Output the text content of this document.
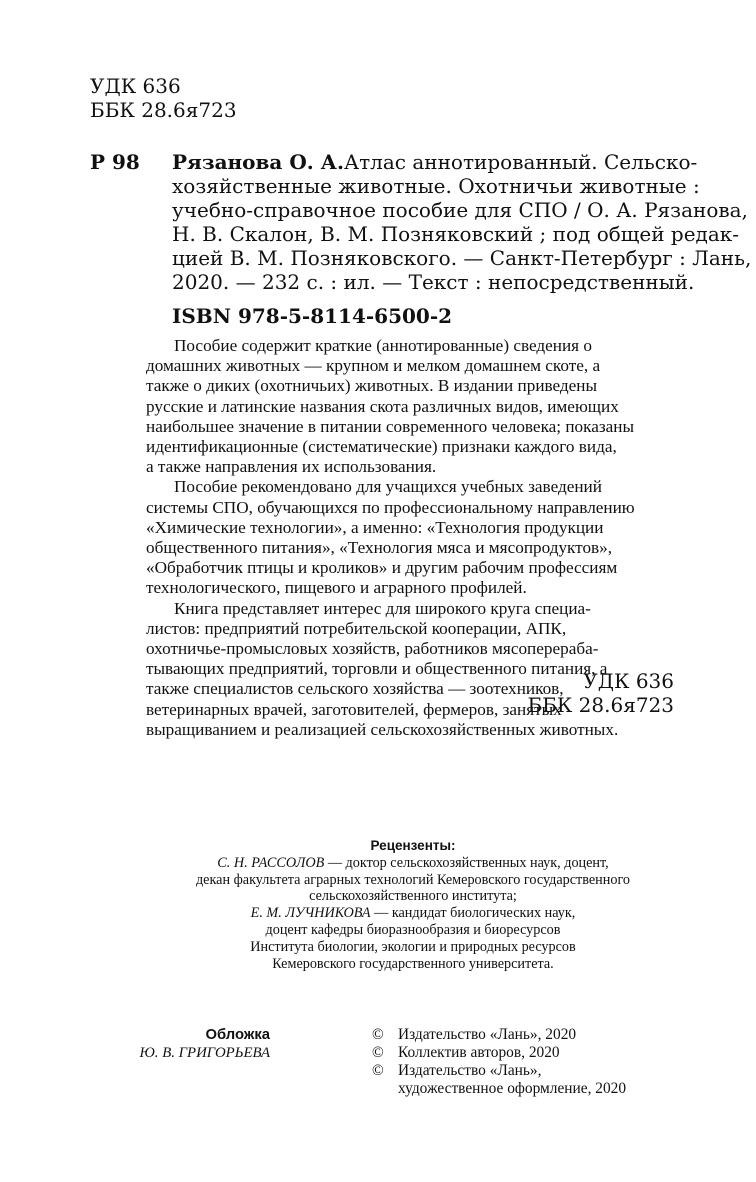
УДК 636
ББК 28.6я723
Р 98 Рязанова О. А. Атлас аннотированный. Сельско-
хозяйственные животные. Охотничьи животные :
учебно-справочное пособие для СПО / О. А. Рязанова,
Н. В. Скалон, В. М. Позняковский ; под общей редак-
цией В. М. Позняковского. — Санкт-Петербург : Лань,
2020. — 232 с. : ил. — Текст : непосредственный.
ISBN 978-5-8114-6500-2
Пособие содержит краткие (аннотированные) сведения о
домашних животных — крупном и мелком домашнем скоте, а
также о диких (охотничьих) животных. В издании приведены
русские и латинские названия скота различных видов, имеющих
наибольшее значение в питании современного человека; показаны
идентификационные (систематические) признаки каждого вида,
а также направления их использования.
Пособие рекомендовано для учащихся учебных заведений
системы СПО, обучающихся по профессиональному направлению
«Химические технологии», а именно: «Технология продукции
общественного питания», «Технология мяса и мясопродуктов»,
«Обработчик птицы и кроликов» и другим рабочим профессиям
технологического, пищевого и аграрного профилей.
Книга представляет интерес для широкого круга специа-
листов: предприятий потребительской кооперации, АПК,
охотничье-промысловых хозяйств, работников мясоперераба-
тывающих предприятий, торговли и общественного питания, а
также специалистов сельского хозяйства — зоотехников,
ветеринарных врачей, заготовителей, фермеров, занятых
выращиванием и реализацией сельскохозяйственных животных.
УДК 636
ББК 28.6я723
Рецензенты:
С. Н. РАССОЛОВ — доктор сельскохозяйственных наук, доцент,
декан факультета аграрных технологий Кемеровского государственного
сельскохозяйственного института;
Е. М. ЛУЧНИКОВА — кандидат биологических наук,
доцент кафедры биоразнообразия и биоресурсов
Института биологии, экологии и природных ресурсов
Кемеровского государственного университета.
Обложка
Ю. В. ГРИГОРЬЕВА
© Издательство «Лань», 2020
© Коллектив авторов, 2020
© Издательство «Лань»,
художественное оформление, 2020
